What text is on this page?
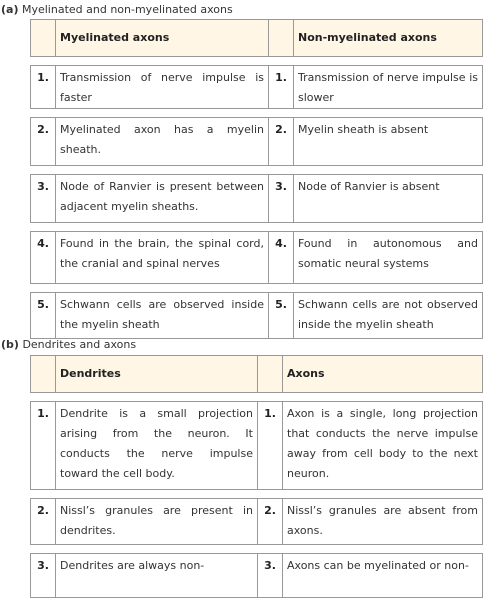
(a) Myelinated and non-myelinated axons
	Myelinated axons		Non-myelinated axons

1.	Transmission of nerve impulse is faster	1.	Transmission of nerve impulse is slower

2.	Myelinated axon has a myelin sheath.	2.	Myelin sheath is absent

3.	Node of Ranvier is present between adjacent myelin sheaths.	3.	Node of Ranvier is absent

4.	Found in the brain, the spinal cord, the cranial and spinal nerves	4.	Found in autonomous and somatic neural systems

5.	Schwann cells are observed inside the myelin sheath	5.	Schwann cells are not observed inside the myelin sheath
(b) Dendrites and axons
	Dendrites		Axons

1.	Dendrite is a small projection arising from the neuron. It conducts the nerve impulse toward the cell body.	1.	Axon is a single, long projection that conducts the nerve impulse away from cell body to the next neuron.

2.	Nissl’s granules are present in dendrites.	2.	Nissl’s granules are absent from axons.

3.	Dendrites are always non-	3.	Axons can be myelinated or non-
